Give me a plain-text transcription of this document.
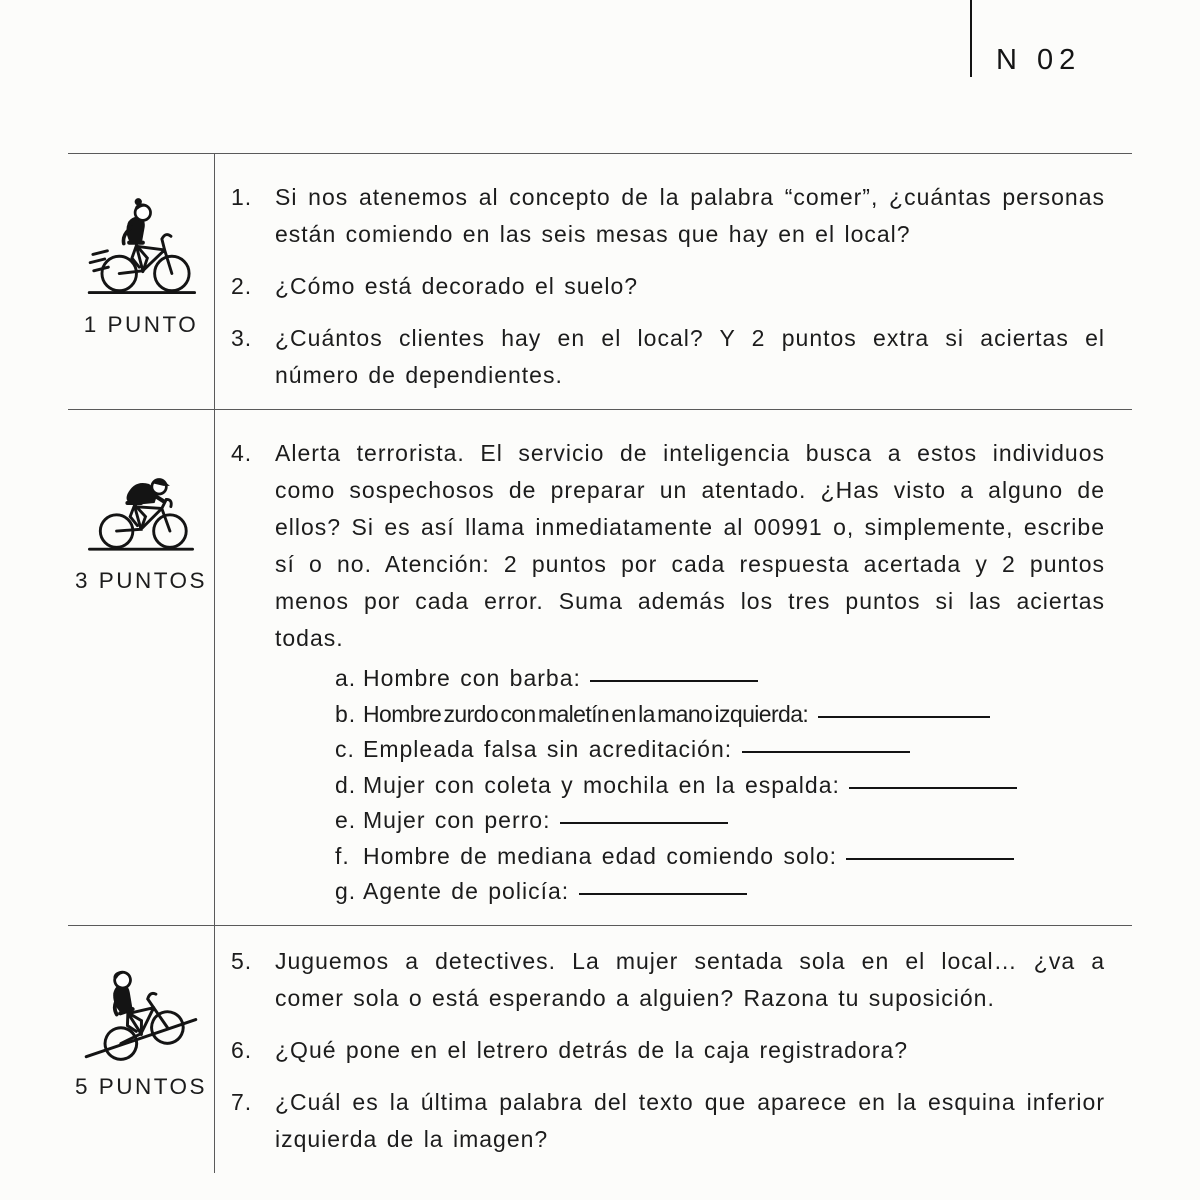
N 02
1 PUNTO
1. Si nos atenemos al concepto de la palabra “comer”, ¿cuántas personas están comiendo en las seis mesas que hay en el local?
2. ¿Cómo está decorado el suelo?
3. ¿Cuántos clientes hay en el local? Y 2 puntos extra si aciertas el número de dependientes.
3 PUNTOS
4. Alerta terrorista. El servicio de inteligencia busca a estos individuos como sospechosos de preparar un atentado. ¿Has visto a alguno de ellos? Si es así llama inmediatamente al 00991 o, simplemente, escribe sí o no. Atención: 2 puntos por cada respuesta acertada y 2 puntos menos por cada error. Suma además los tres puntos si las aciertas todas.
a. Hombre con barba:
b. Hombre zurdo con maletín en la mano izquierda:
c. Empleada falsa sin acreditación:
d. Mujer con coleta y mochila en la espalda:
e. Mujer con perro:
f. Hombre de mediana edad comiendo solo:
g. Agente de policía:
5 PUNTOS
5. Juguemos a detectives. La mujer sentada sola en el local… ¿va a comer sola o está esperando a alguien? Razona tu suposición.
6. ¿Qué pone en el letrero detrás de la caja registradora?
7. ¿Cuál es la última palabra del texto que aparece en la esquina inferior izquierda de la imagen?
